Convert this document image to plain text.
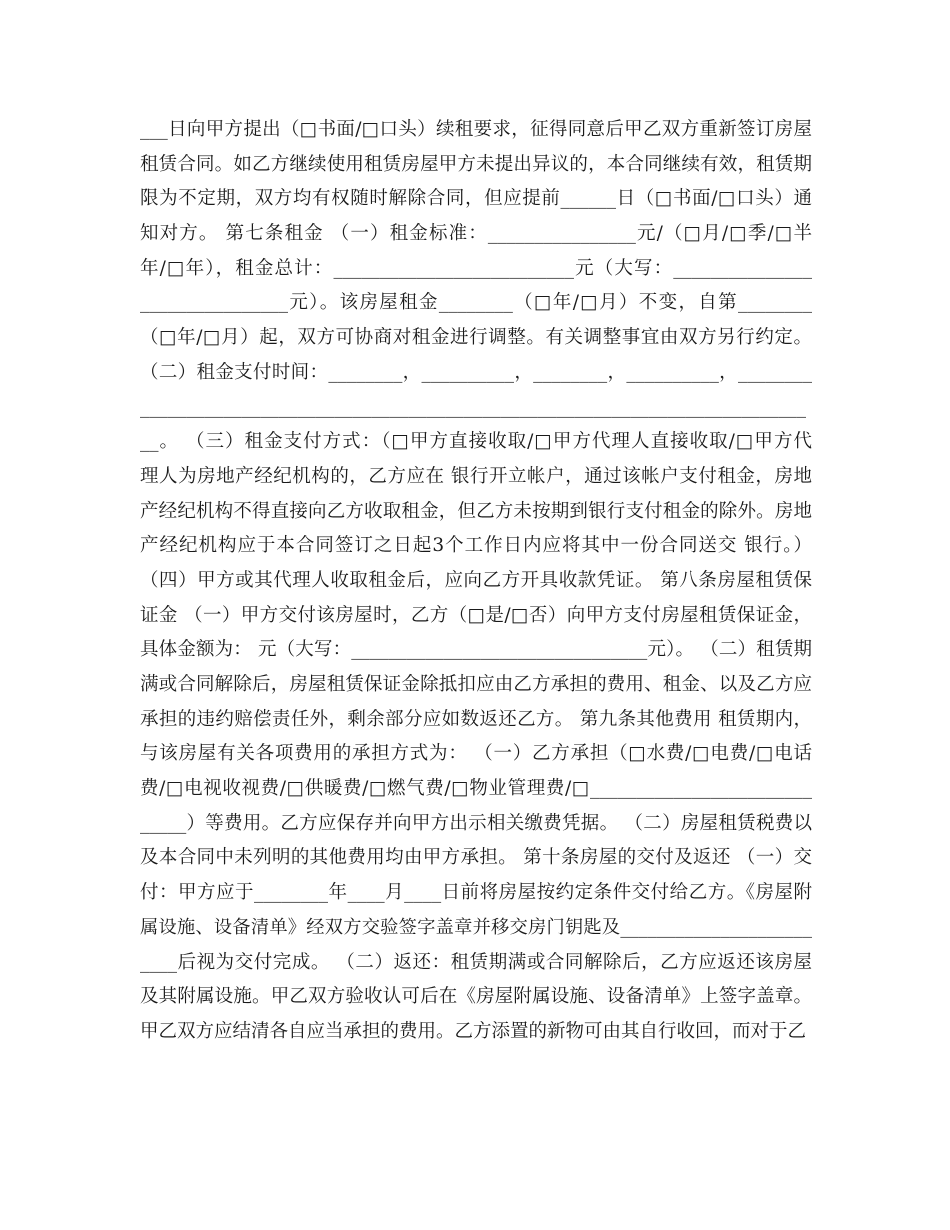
___日向甲方提出（□书面/□口头）续租要求，征得同意后甲乙双方重新签订房屋
租赁合同。如乙方继续使用租赁房屋甲方未提出异议的，本合同继续有效，租赁期
限为不定期，双方均有权随时解除合同，但应提前______日（□书面/□口头）通
知对方。 第七条租金 （一）租金标准：________________元/（□月/□季/□半
年/□年），租金总计：__________________________元（大写：_______________
________________元）。该房屋租金________（□年/□月）不变，自第________
（□年/□月）起，双方可协商对租金进行调整。有关调整事宜由双方另行约定。
（二）租金支付时间：________，__________，________，__________，________
________________________________________________________________________
__。 （三）租金支付方式：（□甲方直接收取/□甲方代理人直接收取/□甲方代
理人为房地产经纪机构的，乙方应在 银行开立帐户，通过该帐户支付租金，房地
产经纪机构不得直接向乙方收取租金，但乙方未按期到银行支付租金的除外。房地
产经纪机构应于本合同签订之日起3个工作日内应将其中一份合同送交 银行。）
（四）甲方或其代理人收取租金后，应向乙方开具收款凭证。 第八条房屋租赁保
证金 （一）甲方交付该房屋时，乙方（□是/□否）向甲方支付房屋租赁保证金，
具体金额为： 元（大写：________________________________元）。 （二）租赁期
满或合同解除后，房屋租赁保证金除抵扣应由乙方承担的费用、租金、以及乙方应
承担的违约赔偿责任外，剩余部分应如数返还乙方。 第九条其他费用 租赁期内，
与该房屋有关各项费用的承担方式为： （一）乙方承担（□水费/□电费/□电话
费/□电视收视费/□供暖费/□燃气费/□物业管理费/□________________________
_____）等费用。乙方应保存并向甲方出示相关缴费凭据。 （二）房屋租赁税费以
及本合同中未列明的其他费用均由甲方承担。 第十条房屋的交付及返还 （一）交
付：甲方应于________年____月____日前将房屋按约定条件交付给乙方。《房屋附
属设施、设备清单》经双方交验签字盖章并移交房门钥匙及_____________________
____后视为交付完成。 （二）返还：租赁期满或合同解除后，乙方应返还该房屋
及其附属设施。甲乙双方验收认可后在《房屋附属设施、设备清单》上签字盖章。
甲乙双方应结清各自应当承担的费用。乙方添置的新物可由其自行收回，而对于乙
